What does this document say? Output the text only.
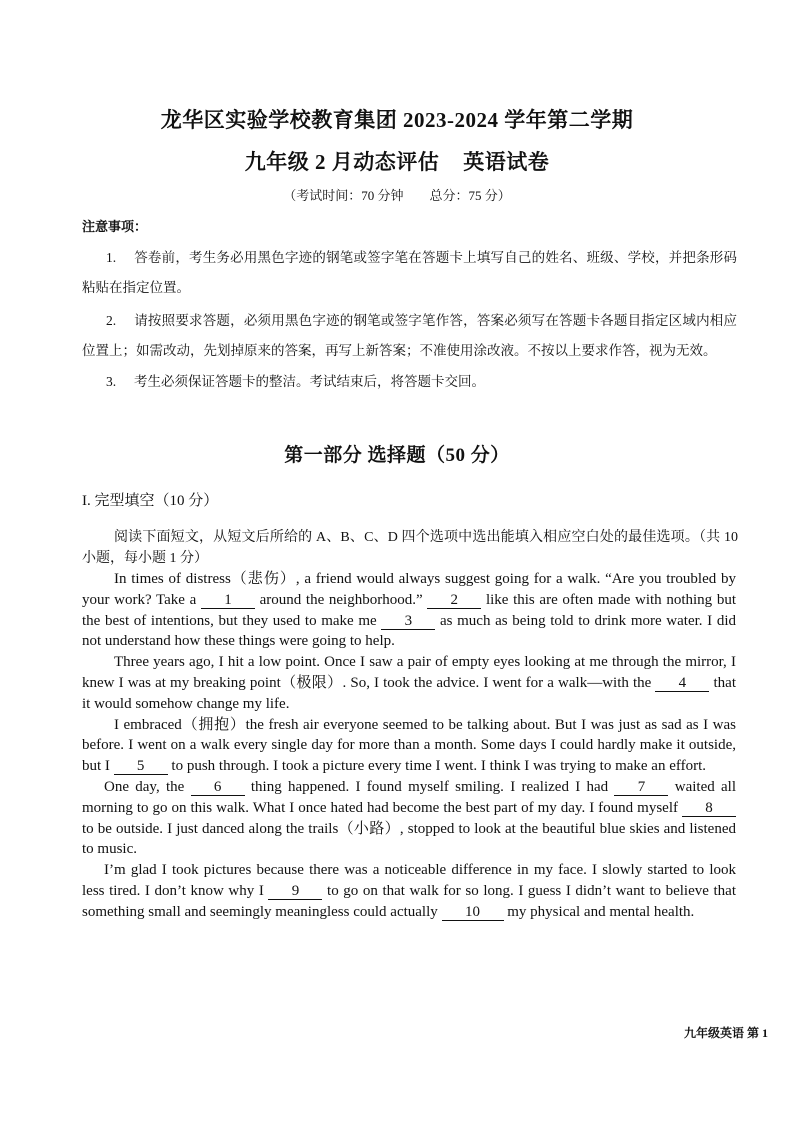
龙华区实验学校教育集团 2023-2024 学年第二学期
九年级 2 月动态评估 英语试卷
（考试时间：70 分钟 总分：75 分）
注意事项：
1. 答卷前，考生务必用黑色字迹的钢笔或签字笔在答题卡上填写自己的姓名、班级、学校，并把条形码粘贴在指定位置。
2. 请按照要求答题，必须用黑色字迹的钢笔或签字笔作答，答案必须写在答题卡各题目指定区域内相应位置上；如需改动，先划掉原来的答案，再写上新答案；不准使用涂改液。不按以上要求作答，视为无效。
3. 考生必须保证答题卡的整洁。考试结束后，将答题卡交回。
第一部分 选择题（50 分）
I. 完型填空（10 分）
阅读下面短文，从短文后所给的 A、B、C、D 四个选项中选出能填入相应空白处的最佳选项。（共 10 小题，每小题 1 分）

In times of distress（悲伤）, a friend would always suggest going for a walk. “Are you troubled by your work? Take a 1 around the neighborhood.” 2 like this are often made with nothing but the best of intentions, but they used to make me 3 as much as being told to drink more water. I did not understand how these things were going to help.

Three years ago, I hit a low point. Once I saw a pair of empty eyes looking at me through the mirror, I knew I was at my breaking point（极限）. So, I took the advice. I went for a walk—with the 4 that it would somehow change my life.

I embraced（拥抱）the fresh air everyone seemed to be talking about. But I was just as sad as I was before. I went on a walk every single day for more than a month. Some days I could hardly make it outside, but I 5 to push through. I took a picture every time I went. I think I was trying to make an effort.

One day, the 6 thing happened. I found myself smiling. I realized I had 7 waited all morning to go on this walk. What I once hated had become the best part of my day. I found myself 8 to be outside. I just danced along the trails（小路）, stopped to look at the beautiful blue skies and listened to music.

I’m glad I took pictures because there was a noticeable difference in my face. I slowly started to look less tired. I don’t know why I 9 to go on that walk for so long. I guess I didn’t want to believe that something small and seemingly meaningless could actually 10 my physical and mental health.

九年级英语 第 1
